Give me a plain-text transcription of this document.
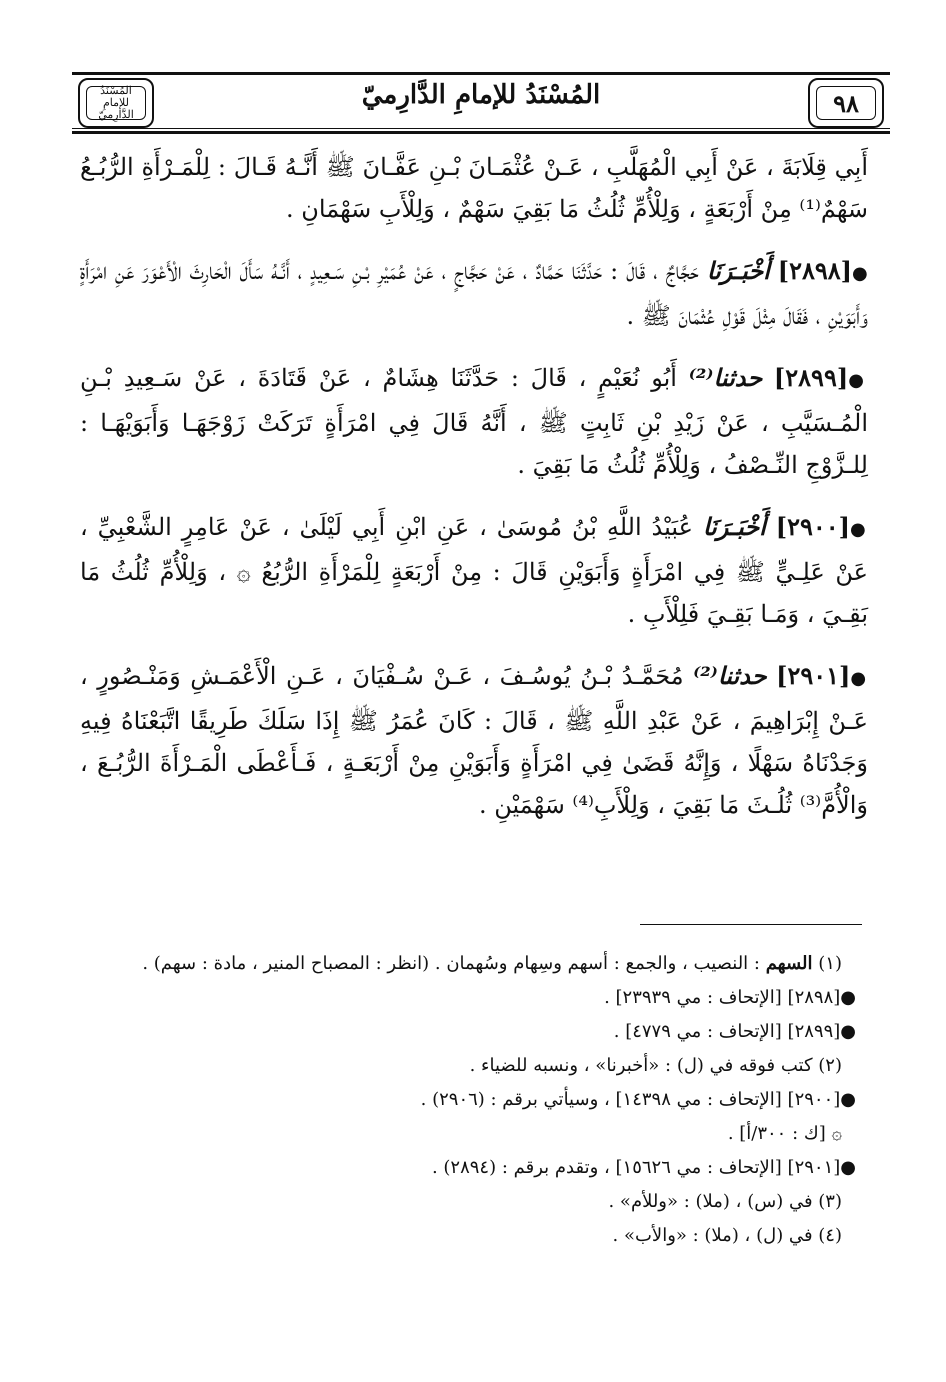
٩٨
المُسْنَدُ للإمامِ الدَّارِميّ
المُسْنَدُ للإمامِ الدَّارِميّ

أَبِي قِلَابَةَ ، عَنْ أَبِي الْمُهَلَّبِ ، عَـنْ عُثْمَـانَ بْـنِ عَفَّـانَ ﷺ أَنَّـهُ قَـالَ : لِلْمَـرْأَةِ الرُّبُـعُ سَهْمٌ⁽¹⁾ مِنْ أَرْبَعَةٍ ، وَلِلْأُمِّ ثُلُثُ مَا بَقِيَ سَهْمٌ ، وَلِلْأَبِ سَهْمَانِ .

●[٢٨٩٨] أَخْبَـرَنَا حَجَّاجٌ ، قَالَ : حَدَّثَنَا حَمَّادٌ ، عَنْ حَجَّاجٍ ، عَنْ عُمَيْرِ بْـنِ سَـعِيدٍ ، أَنَّـهُ سَأَلَ الْحَارِثَ الْأَعْوَرَ عَنِ امْرَأَةٍ وَأَبَوَيْنِ ، فَقَالَ مِثْلَ قَوْلِ عُثْمَانَ ﷺ .

●[٢٨٩٩] حدثنا⁽²⁾ أَبُو نُعَيْمٍ ، قَالَ : حَدَّثَنَا هِشَامٌ ، عَنْ قَتَادَةَ ، عَنْ سَـعِيدِ بْـنِ الْمُـسَيَّبِ ، عَنْ زَيْدِ بْنِ ثَابِتٍ ﷺ ، أَنَّهُ قَالَ فِي امْرَأَةٍ تَرَكَتْ زَوْجَهَـا وَأَبَوَيْهَـا : لِلـزَّوْجِ النِّـصْفُ ، وَلِلْأُمِّ ثُلُثُ مَا بَقِيَ .

●[٢٩٠٠] أَخْبَـرَنَا عُبَيْدُ اللَّهِ بْنُ مُوسَىٰ ، عَنِ ابْنِ أَبِي لَيْلَىٰ ، عَنْ عَامِرٍ الشَّعْبِيِّ ، عَنْ عَلِـيٍّ ﷺ فِي امْرَأَةٍ وَأَبَوَيْنِ قَالَ : مِنْ أَرْبَعَةٍ لِلْمَرْأَةِ الرُّبُعُ ۞ ، وَلِلْأُمِّ ثُلُثُ مَا بَقِـيَ ، وَمَـا بَقِـيَ فَلِلْأَبِ .

●[٢٩٠١] حدثنا⁽²⁾ مُحَمَّـدُ بْـنُ يُوسُـفَ ، عَـنْ سُـفْيَانَ ، عَـنِ الْأَعْمَـشِ وَمَنْـصُورٍ ، عَـنْ إِبْرَاهِيمَ ، عَنْ عَبْدِ اللَّهِ ﷺ ، قَالَ : كَانَ عُمَرُ ﷺ إِذَا سَلَكَ طَرِيقًا اتَّبَعْنَاهُ فِيهِ وَجَدْنَاهُ سَهْلًا ، وَإِنَّهُ قَضَىٰ فِي امْرَأَةٍ وَأَبَوَيْنِ مِنْ أَرْبَعَـةٍ ، فَـأَعْطَى الْمَـرْأَةَ الرُّبُـعَ ، وَالْأُمَّ⁽³⁾ ثُلُـثَ مَا بَقِيَ ، وَلِلْأَبِ⁽⁴⁾ سَهْمَيْنِ .

(١) السهم : النصيب ، والجمع : أسهم وسِهام وسُهمان . (انظر : المصباح المنير ، مادة : سهم) .
●[٢٨٩٨] [الإتحاف : مي ٢٣٩٣٩] .
●[٢٨٩٩] [الإتحاف : مي ٤٧٧٩] .
(٢) كتب فوقه في (ل) : «أخبرنا» ، ونسبه للضياء .
●[٢٩٠٠] [الإتحاف : مي ١٤٣٩٨] ، وسيأتي برقم : (٢٩٠٦) .
۞ [ك : ٣٠٠/أ] .
●[٢٩٠١] [الإتحاف : مي ١٥٦٢٦] ، وتقدم برقم : (٢٨٩٤) .
(٣) في (س) ، (ملا) : «وللأم» .
(٤) في (ل) ، (ملا) : «والأب» .
